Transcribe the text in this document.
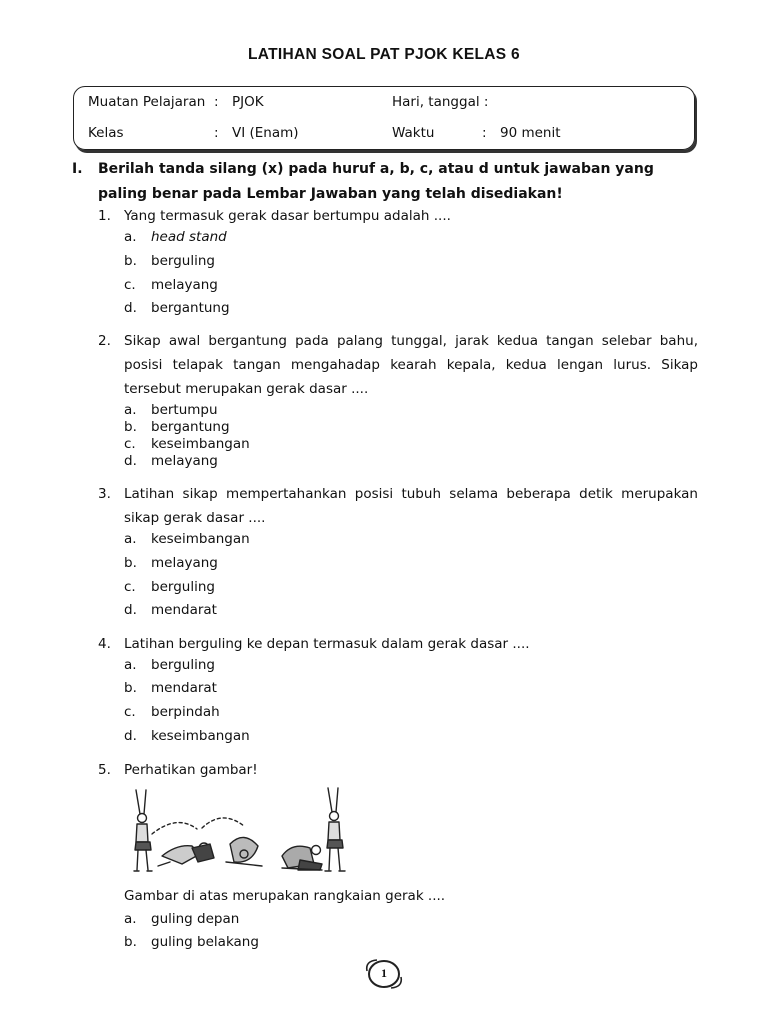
LATIHAN SOAL PAT PJOK KELAS 6
Muatan Pelajaran : PJOK	Hari, tanggal :
Kelas	: VI (Enam)	Waktu	: 90 menit
I. Berilah tanda silang (x) pada huruf a, b, c, atau d untuk jawaban yang paling benar pada Lembar Jawaban yang telah disediakan!
1. Yang termasuk gerak dasar bertumpu adalah ....
a. head stand
b. berguling
c. melayang
d. bergantung
2. Sikap awal bergantung pada palang tunggal, jarak kedua tangan selebar bahu, posisi telapak tangan mengahadap kearah kepala, kedua lengan lurus. Sikap tersebut merupakan gerak dasar ....
a. bertumpu
b. bergantung
c. keseimbangan
d. melayang
3. Latihan sikap mempertahankan posisi tubuh selama beberapa detik merupakan sikap gerak dasar ....
a. keseimbangan
b. melayang
c. berguling
d. mendarat
4. Latihan berguling ke depan termasuk dalam gerak dasar ....
a. berguling
b. mendarat
c. berpindah
d. keseimbangan
5. Perhatikan gambar!
Gambar di atas merupakan rangkaian gerak ....
a. guling depan
b. guling belakang
1
